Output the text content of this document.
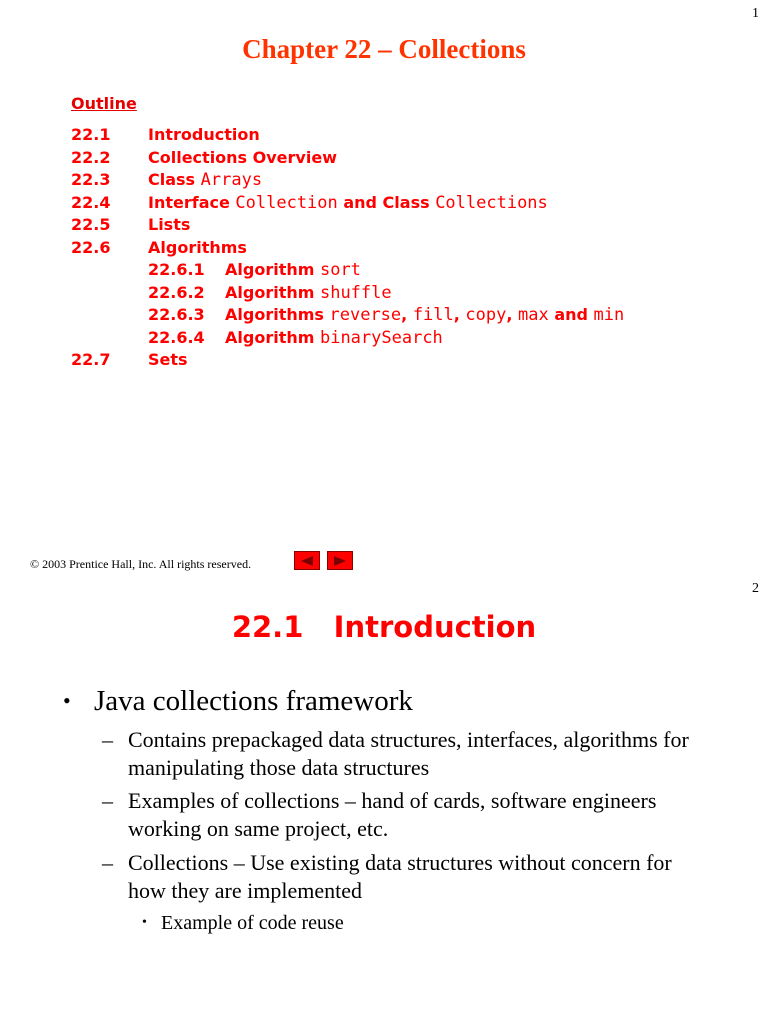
1
Chapter 22 – Collections
Outline
22.1 Introduction
22.2 Collections Overview
22.3 Class Arrays
22.4 Interface Collection and Class Collections
22.5 Lists
22.6 Algorithms
22.6.1 Algorithm sort
22.6.2 Algorithm shuffle
22.6.3 Algorithms reverse, fill, copy, max and min
22.6.4 Algorithm binarySearch
22.7 Sets
© 2003 Prentice Hall, Inc. All rights reserved.
2
22.1   Introduction
• Java collections framework
– Contains prepackaged data structures, interfaces, algorithms for manipulating those data structures
– Examples of collections – hand of cards, software engineers working on same project, etc.
– Collections – Use existing data structures without concern for how they are implemented
• Example of code reuse
